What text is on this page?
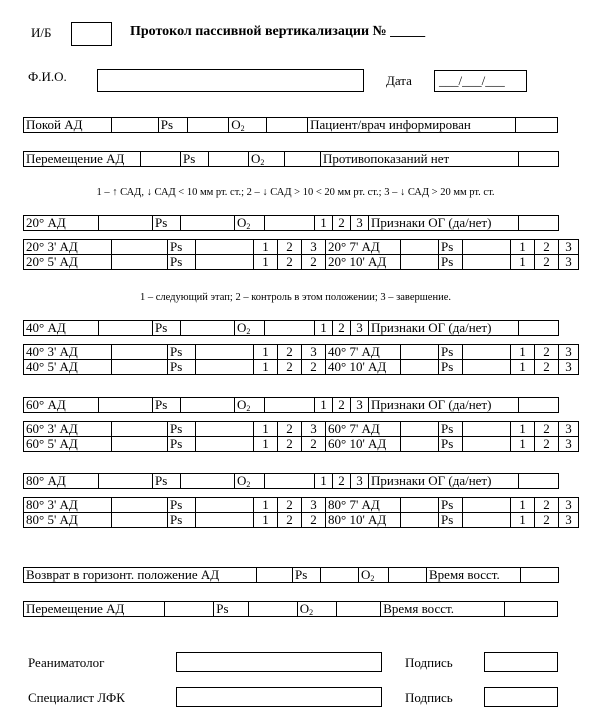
И/Б	Протокол пассивной вертикализации № _____
Ф.И.О.	Дата ___/___/___
Покой АД		Ps		$O_2$		Пациент/врач информирован	
Перемещение АД		Ps		$O_2$		Противопоказаний нет	
1 – ↑ САД, ↓ САД < 10 мм рт. ст.; 2 – ↓ САД > 10 < 20 мм рт. ст.; 3 – ↓ САД > 20 мм рт. ст.
20° АД		Ps		$O_2$		1	2	3	Признаки ОГ (да/нет)	
20° 3' АД		Ps		1	2	3	20° 7' АД		Ps		1	2	3
20° 5' АД		Ps		1	2	2	20° 10' АД		Ps		1	2	3
40° АД		Ps		$O_2$		1	2	3	Признаки ОГ (да/нет)	
40° 3' АД		Ps		1	2	3	40° 7' АД		Ps		1	2	3
40° 5' АД		Ps		1	2	2	40° 10' АД		Ps		1	2	3
60° АД		Ps		$O_2$		1	2	3	Признаки ОГ (да/нет)	
60° 3' АД		Ps		1	2	3	60° 7' АД		Ps		1	2	3
60° 5' АД		Ps		1	2	2	60° 10' АД		Ps		1	2	3
80° АД		Ps		$O_2$		1	2	3	Признаки ОГ (да/нет)	
80° 3' АД		Ps		1	2	3	80° 7' АД		Ps		1	2	3
80° 5' АД		Ps		1	2	2	80° 10' АД		Ps		1	2	3
1 – следующий этап; 2 – контроль в этом положении; 3 – завершение.
Возврат в горизонт. положение АД		Ps		$O_2$		Время восст.	
Перемещение АД		Ps		$O_2$		Время восст.	
Реаниматолог	Подпись
Специалист ЛФК	Подпись
